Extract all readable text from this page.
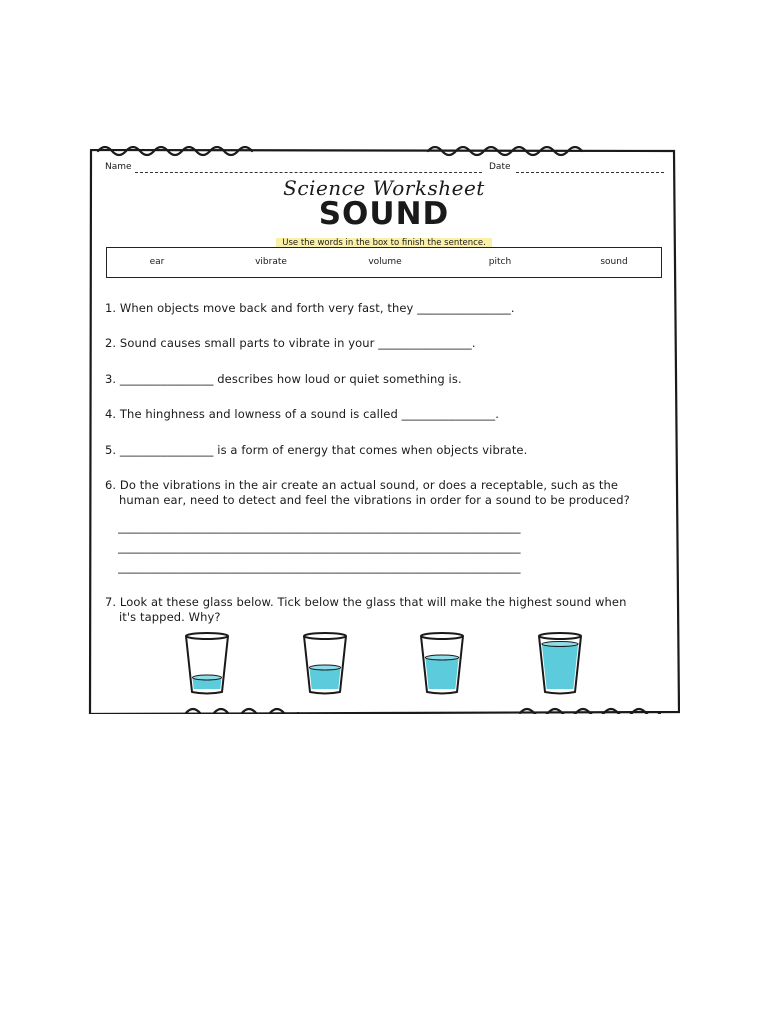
Name	Date
Science Worksheet
SOUND
Use the words in the box to finish the sentence.
ear	vibrate	volume	pitch	sound
1. When objects move back and forth very fast, they ________________.
2. Sound causes small parts to vibrate in your ________________.
3. ________________ describes how loud or quiet something is.
4. The hinghness and lowness of a sound is called ________________.
5. ________________ is a form of energy that comes when objects vibrate.
6. Do the vibrations in the air create an actual sound, or does a receptable, such as the
human ear, need to detect and feel the vibrations in order for a sound to be produced?
______________________________________________________________________
______________________________________________________________________
______________________________________________________________________
7. Look at these glass below. Tick below the glass that will make the highest sound when
it's tapped. Why?
